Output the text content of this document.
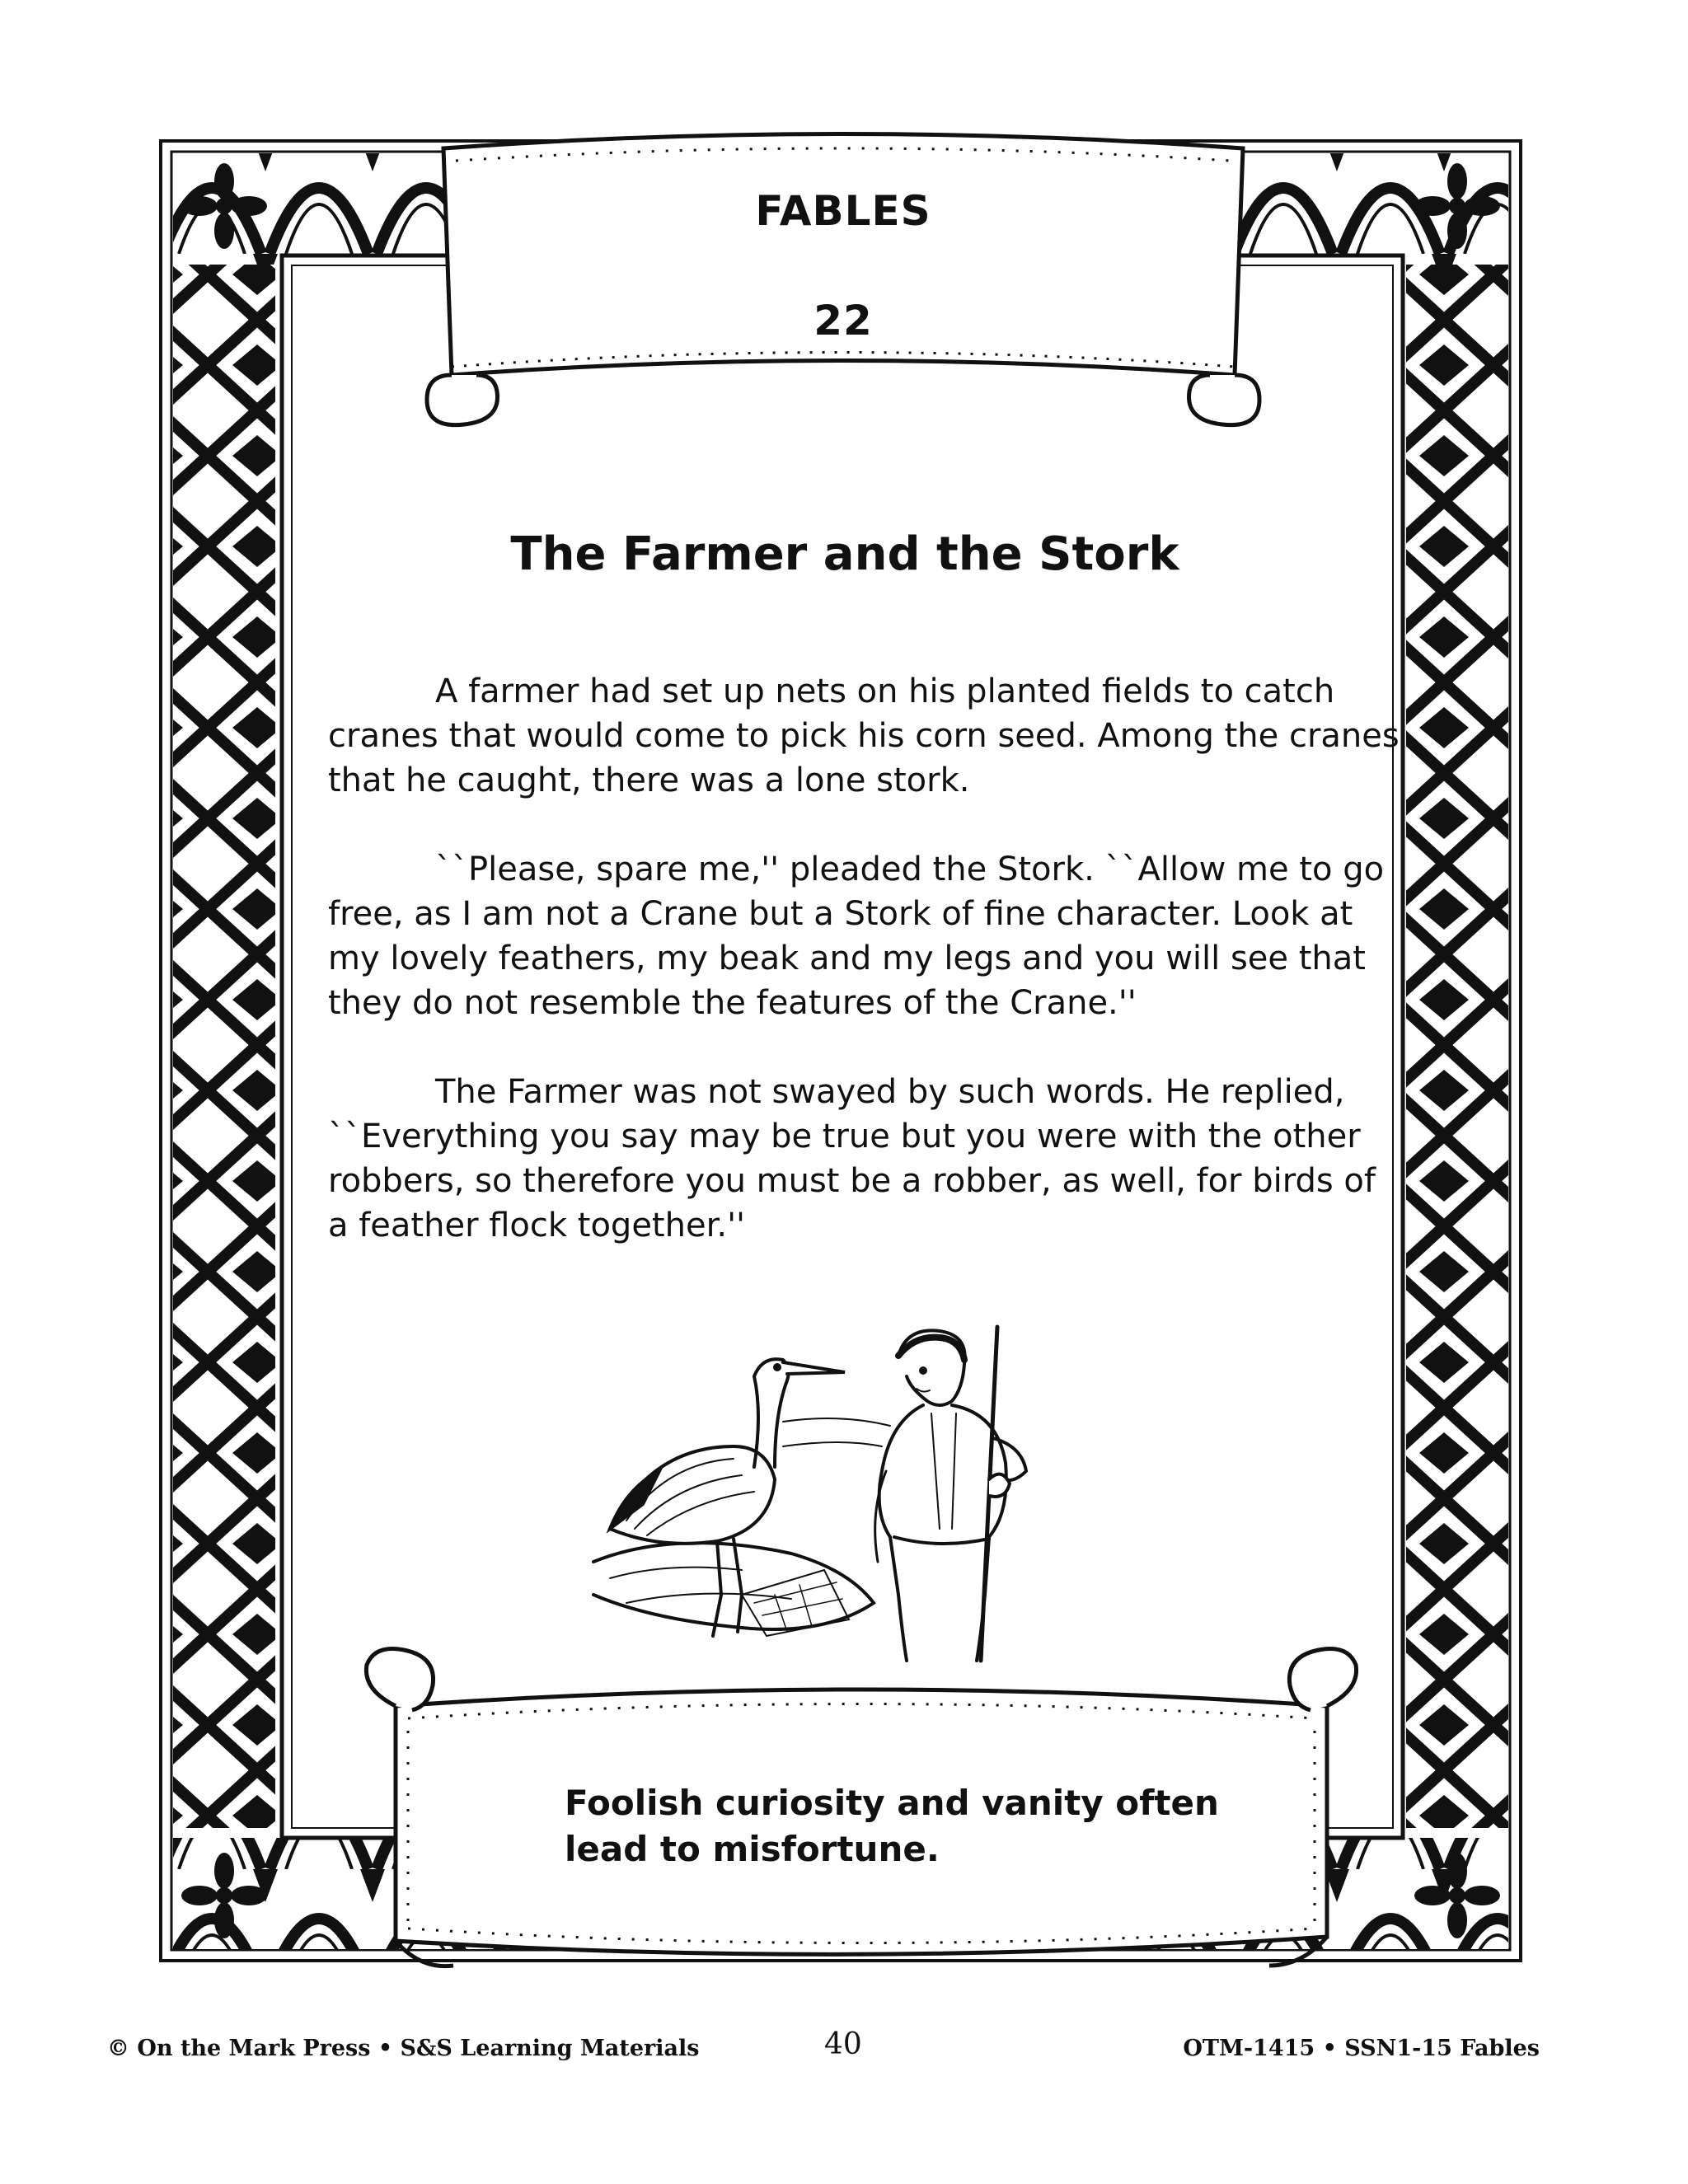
FABLES
22
The Farmer and the Stork

A farmer had set up nets on his planted fields to catch cranes that would come to pick his corn seed. Among the cranes that he caught, there was a lone stork.

``Please, spare me,'' pleaded the Stork. ``Allow me to go free, as I am not a Crane but a Stork of fine character. Look at my lovely feathers, my beak and my legs and you will see that they do not resemble the features of the Crane.''

The Farmer was not swayed by such words. He replied, ``Everything you say may be true but you were with the other robbers, so therefore you must be a robber, as well, for birds of a feather flock together.''

Foolish curiosity and vanity often
lead to misfortune.
© On the Mark Press • S&S Learning Materials	40	OTM-1415 • SSN1-15 Fables
